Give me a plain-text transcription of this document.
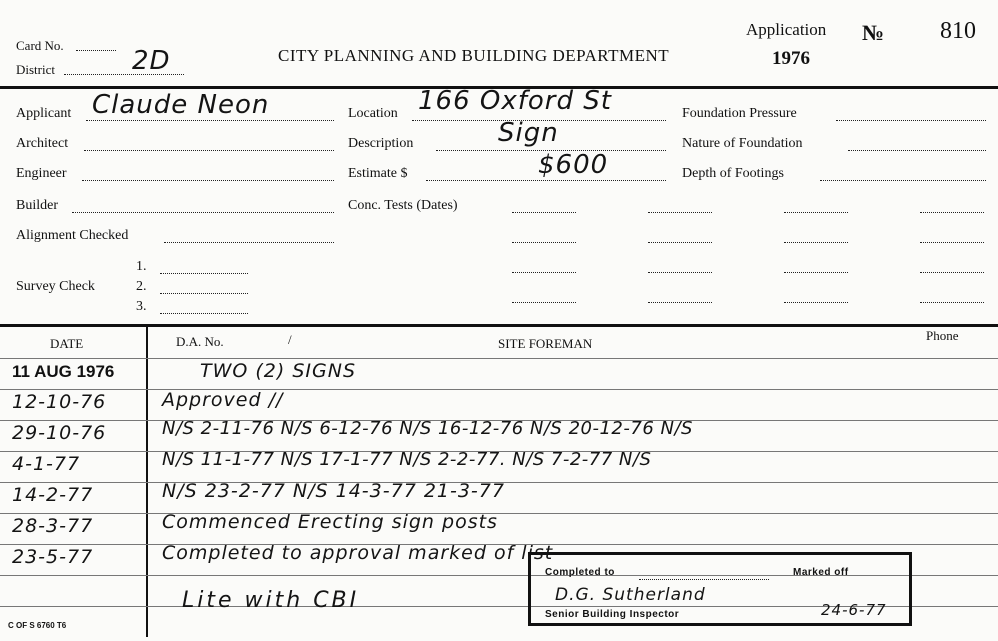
Card No.
District	2D	CITY PLANNING AND BUILDING DEPARTMENT
Application № 810
1976
Applicant Claude Neon
Architect
Engineer
Builder
Alignment Checked
Survey Check
1.
2.
3.
Location 166 Oxford St
Description	Sign
Estimate $	$600
Conc. Tests (Dates)
Foundation Pressure
Nature of Foundation
Depth of Footings
DATE	D.A. No.	/	SITE FOREMAN
Phone
11 AUG 1976	TWO (2) SIGNS
12-10-76	Approved //
29-10-76	N/S 2-11-76 N/S 6-12-76 N/S 16-12-76 N/S 20-12-76 N/S
4-1-77	N/S 11-1-77 N/S 17-1-77 N/S 2-2-77. N/S 7-2-77 N/S
14-2-77	N/S 23-2-77 N/S 14-3-77 21-3-77
28-3-77	Commenced Erecting sign posts
23-5-77	Completed to approval marked of list
Lite with CBI
Completed to	Marked off
D.G. Sutherland
Senior Building Inspector	24-6-77
C OF S 6760 T6
